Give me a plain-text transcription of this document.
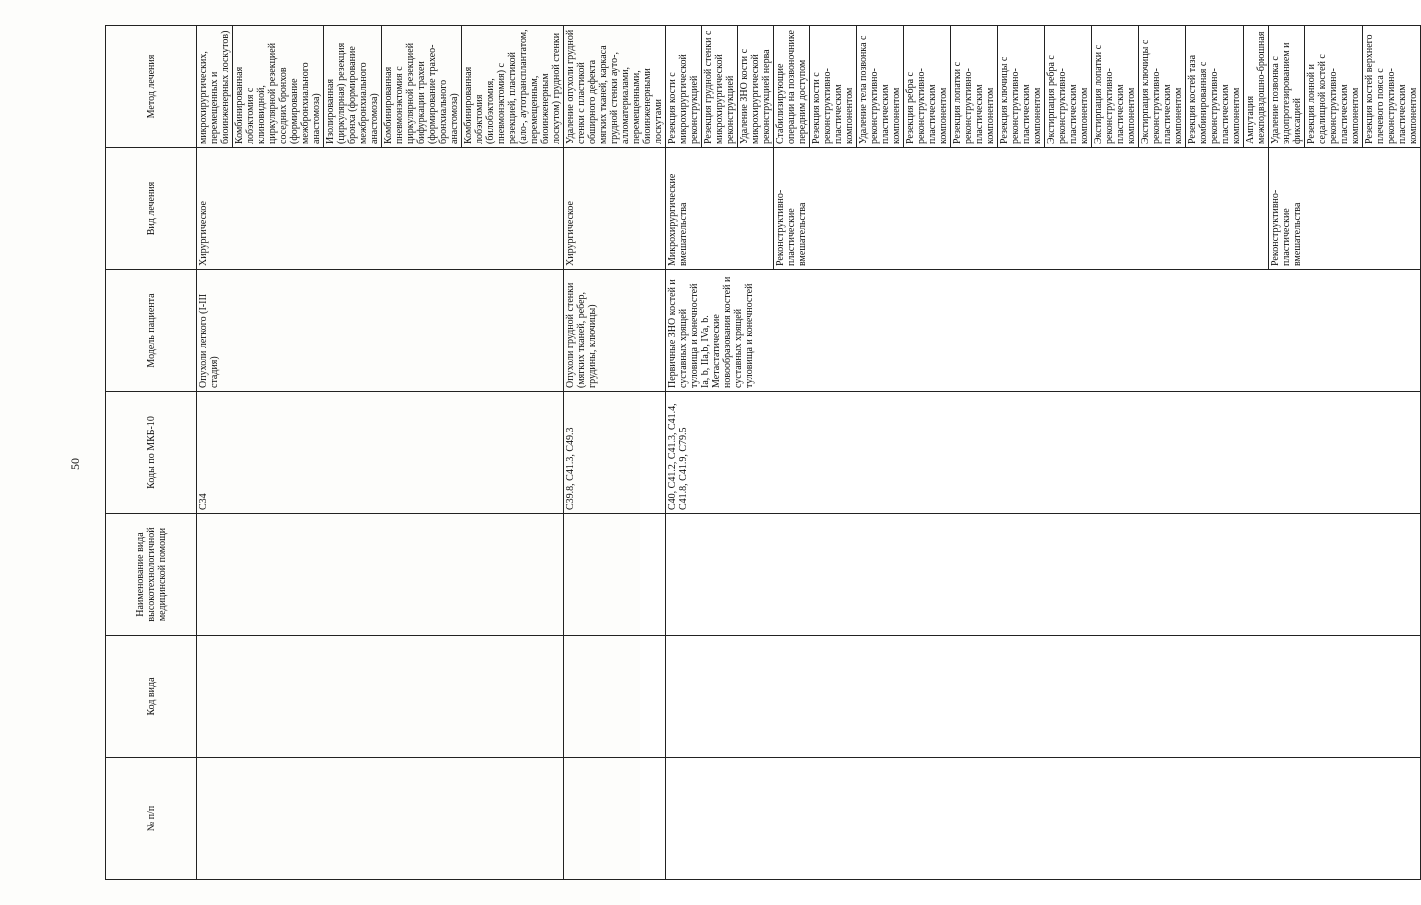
50
№ п/п	Код вида	Наименование вида высокотехнологичной медицинской помощи	Коды по МКБ-10	Модель пациента	Вид лечения	Метод лечения
			C34	Опухоли легкого (I-III стадия)	Хирургическое	микрохирургических, перемещенных и биоинженерных лоскутов)
						Комбинированная лобэктомия с клиновидной, циркулярной резекцией соседних бронхов (формирование межбронхиального анастомоза)
						Изолированная (циркулярная) резекция бронха (формирование межбронхиального анастомоза)
						Комбинированная пневмонэктомия с циркулярной резекцией бифуркации трахеи (формирование трахео-бронхиального анастомоза)
						Комбинированная лобэктомия (билобэктомия, пневмонэктомия) с резекцией, пластикой (ало-, аутотрансплантатом, перемещенным, биоинженерным лоскутом) грудной стенки
			C39.8, C41.3, C49.3	Опухоли грудной стенки (мягких тканей, ребер, грудины, ключицы)	Хирургическое	Удаление опухоли грудной стенки с пластикой обширного дефекта мягких тканей, каркаса грудной стенки ауто-, алломатериалами, перемещенными, биоинженерными лоскутами
			C40, C41.2, C41.3, C41.4, C41.8, C41.9, C79.5	Первичные ЗНО костей и суставных хрящей туловища и конечностей Ia, b, IIa,b, IVa, b. Метастатические новообразования костей и суставных хрящей туловища и конечностей	Микрохирургические вмешательства	Резекция кости с микрохирургической реконструкцией
						Резекция грудной стенки с микрохирургической реконструкцией
						Удаление ЗНО кости с микрохирургической реконструкцией нерва
					Реконструктивно-пластические вмешательства	Стабилизирующие операции на позвоночнике передним доступом
						Резекция кости с реконструктивно-пластическим компонентом
						Удаление тела позвонка с реконструктивно- пластическим компонентом
						Резекция ребра с реконструктивно-пластическим компонентом
						Резекция лопатки с реконструктивно-пластическим компонентом
						Резекция ключицы с реконструктивно-пластическим компонентом
						Экстирпация ребра с реконструктивно-пластическим компонентом
						Экстирпация лопатки с реконструктивно-пластическим компонентом
						Экстирпация ключицы с реконструктивно-пластическим компонентом
						Резекция костей таза комбинированная с реконструктивно-пластическим компонентом
						Ампутация межподвздошно-брюшная
					Реконструктивно-пластические вмешательства	Удаление позвонка с эндопротезированием и фиксацией
						Резекция лонной и седалищной костей с реконструктивно-пластическим компонентом
						Резекция костей верхнего плечевого пояса с реконструктивно-пластическим компонентом
